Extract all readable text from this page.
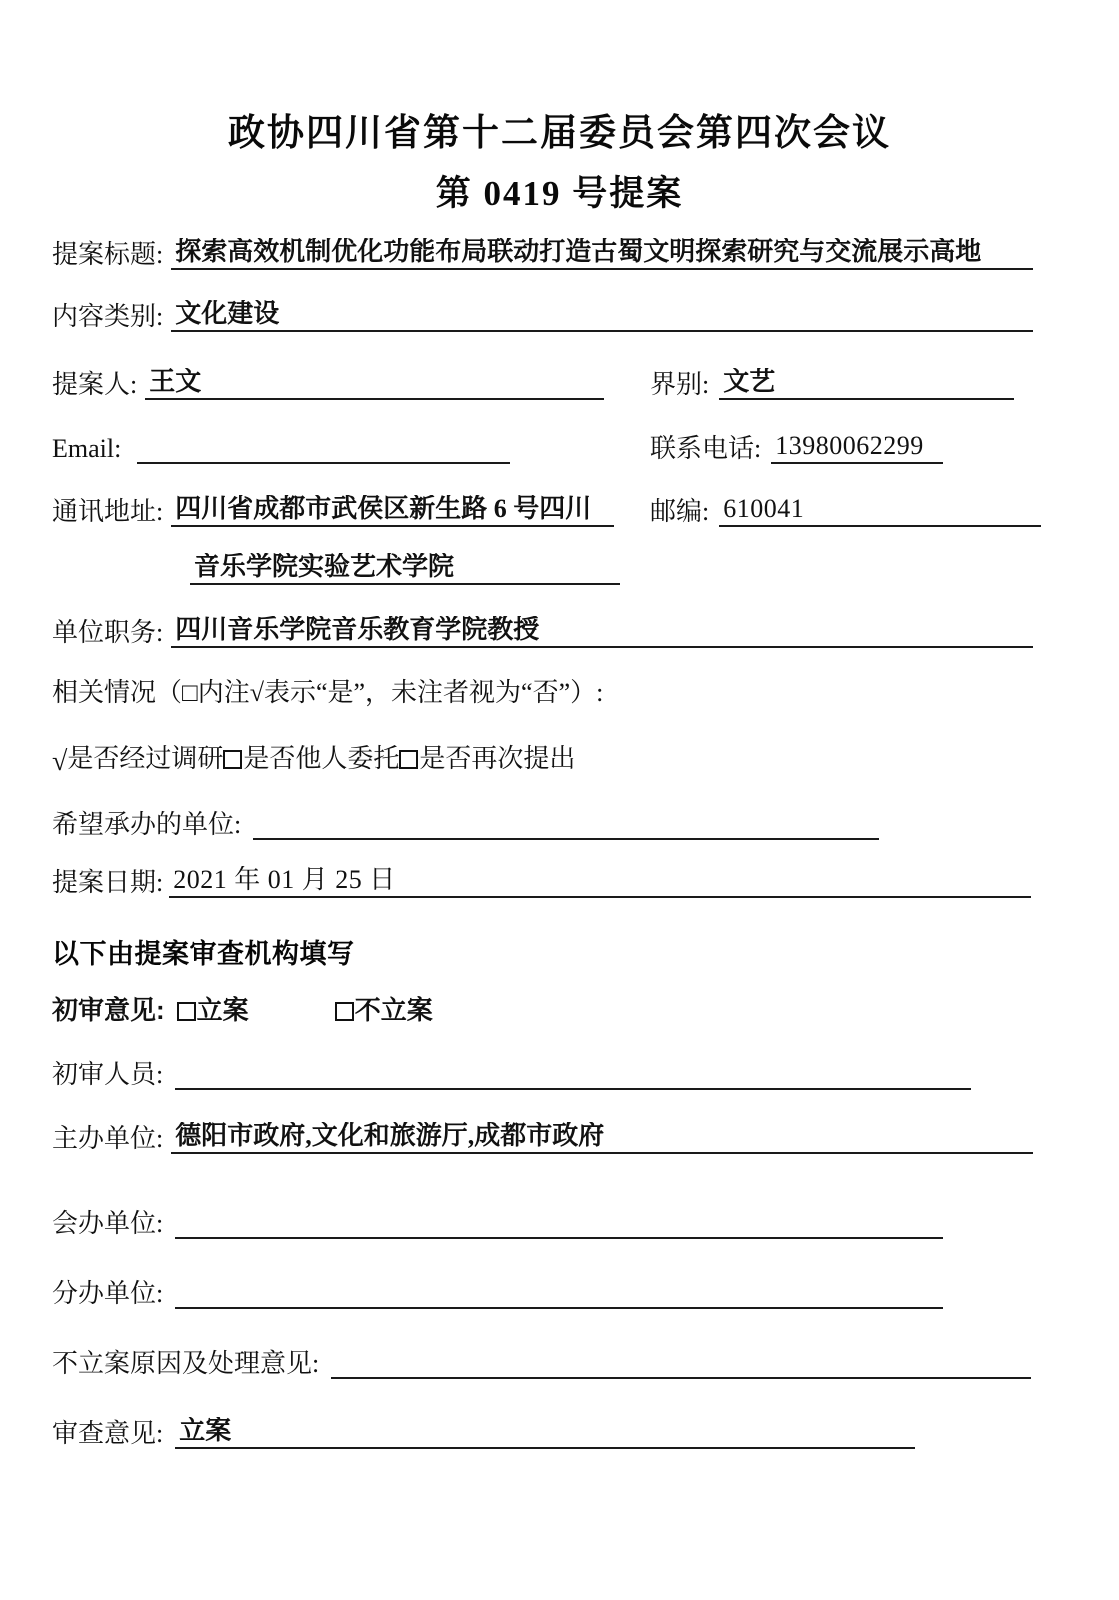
政协四川省第十二届委员会第四次会议
第 0419 号提案
提案标题: 探索高效机制优化功能布局联动打造古蜀文明探索研究与交流展示高地
内容类别: 文化建设
提案人: 王文	界别: 文艺
Email:	联系电话: 13980062299
通讯地址: 四川省成都市武侯区新生路 6 号四川 邮编: 610041
音乐学院实验艺术学院
单位职务: 四川音乐学院音乐教育学院教授
相关情况（□内注√表示“是”，未注者视为“否”）:
√是否经过调研 是否他人委托 是否再次提出
希望承办的单位:
提案日期: 2021 年 01 月 25 日
以下由提案审查机构填写
初审意见: 立案	不立案
初审人员:
主办单位: 德阳市政府,文化和旅游厅,成都市政府
会办单位:
分办单位:
不立案原因及处理意见:
审查意见: 立案
